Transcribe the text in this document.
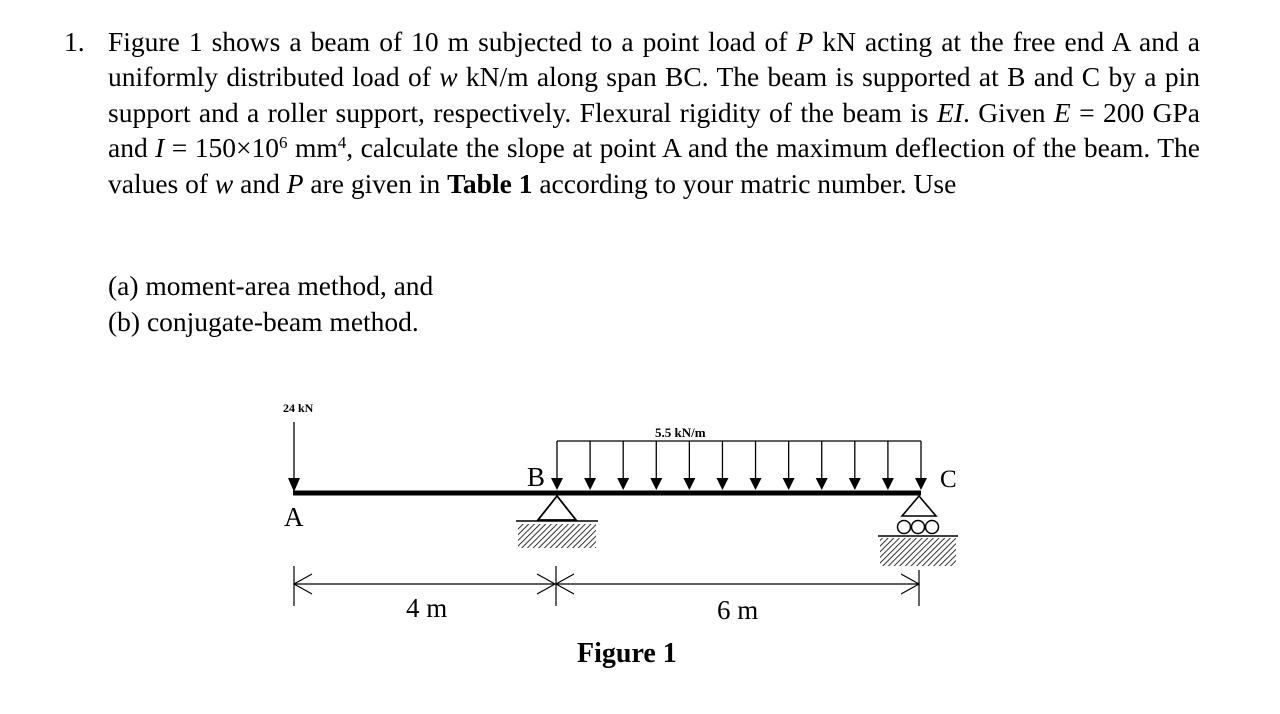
1. Figure 1 shows a beam of 10 m subjected to a point load of P kN acting at the free end A and a uniformly distributed load of w kN/m along span BC. The beam is supported at B and C by a pin support and a roller support, respectively. Flexural rigidity of the beam is EI. Given E = 200 GPa and $I = 150\times 10^6$ $mm^4$, calculate the slope at point A and the maximum deflection of the beam. The values of w and P are given in Table 1 according to your matric number. Use
(a) moment-area method, and
(b) conjugate-beam method.
24 kN
5.5 kN/m
A
B	C
4 m	6 m
Figure 1
